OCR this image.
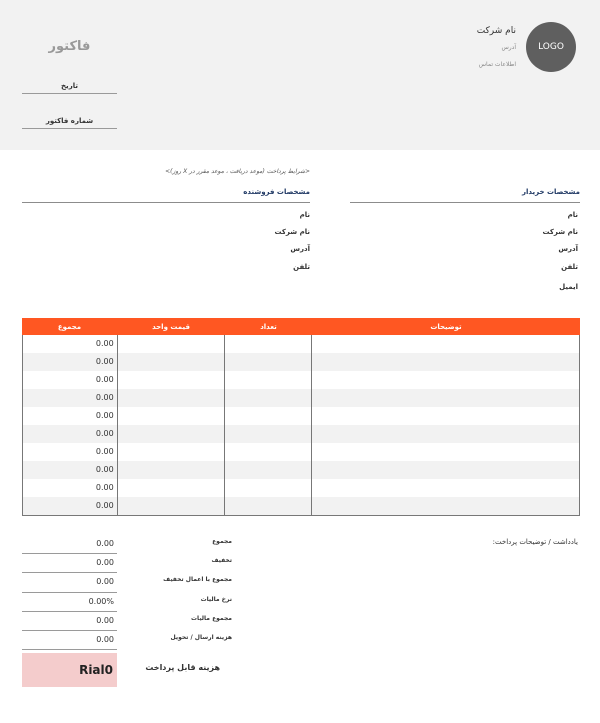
LOGO
نام شرکت
آدرس
اطلاعات تماس
فاکتور
تاریخ
شماره فاکتور
<شرایط پرداخت (موعد دریافت ، موعد مقرر در X روز)>
مشخصات فروشنده	مشخصات خریدار
نام
نام شرکت
آدرس
تلفن
نام
نام شرکت
آدرس
تلفن
ایمیل
مجموع	قیمت واحد	تعداد	توضیحات
0.00
0.00
0.00
0.00
0.00
0.00
0.00
0.00
0.00
0.00
یادداشت / توضیحات پرداخت:
0.00	مجموع
0.00	تخفیف
0.00	مجموع با اعمال تخفیف
0.00%	نرخ مالیات
0.00	مجموع مالیات
0.00	هزینه ارسال / تحویل
Rial0	هزینه قابل پرداخت
